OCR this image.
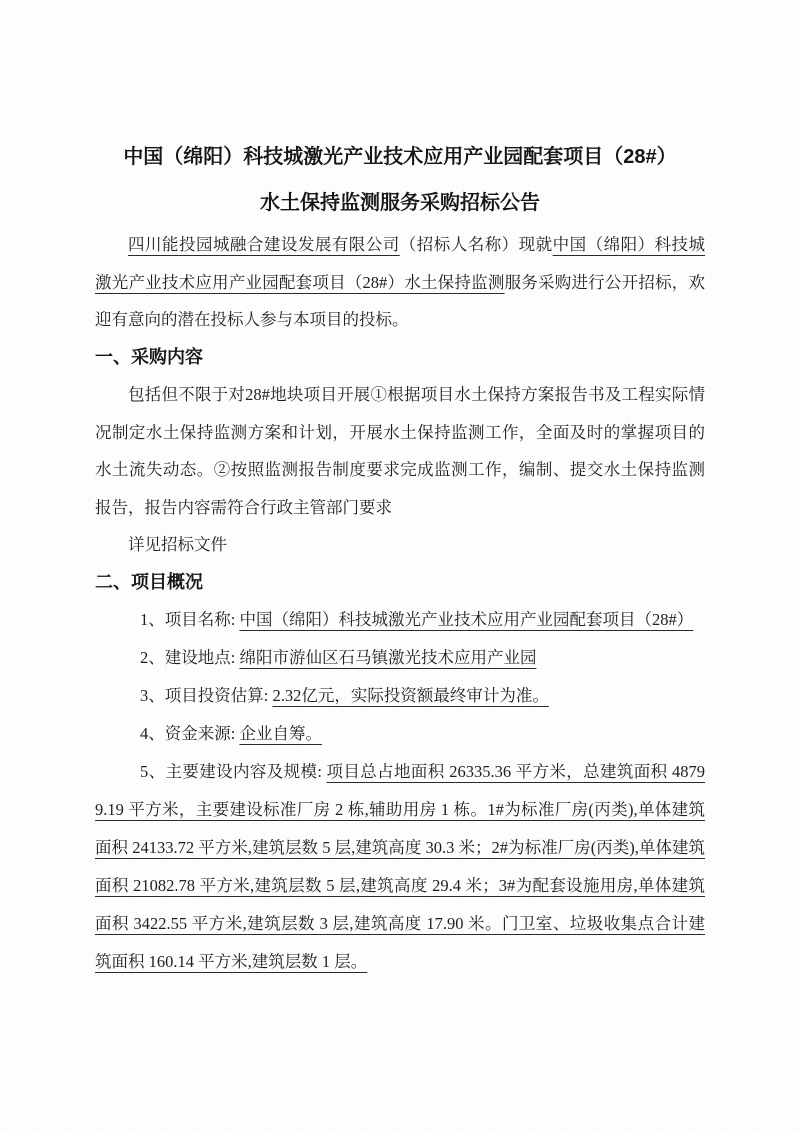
中国（绵阳）科技城激光产业技术应用产业园配套项目（28#）
水土保持监测服务采购招标公告

四川能投园城融合建设发展有限公司（招标人名称）现就中国（绵阳）科技城激光产业技术应用产业园配套项目（28#）水土保持监测服务采购进行公开招标，欢迎有意向的潜在投标人参与本项目的投标。

一、采购内容

包括但不限于对28#地块项目开展①根据项目水土保持方案报告书及工程实际情况制定水土保持监测方案和计划，开展水土保持监测工作，全面及时的掌握项目的水土流失动态。②按照监测报告制度要求完成监测工作，编制、提交水土保持监测报告，报告内容需符合行政主管部门要求

详见招标文件

二、项目概况

1、项目名称: 中国（绵阳）科技城激光产业技术应用产业园配套项目（28#）

2、建设地点: 绵阳市游仙区石马镇激光技术应用产业园

3、项目投资估算: 2.32亿元，实际投资额最终审计为准。

4、资金来源: 企业自筹。

5、主要建设内容及规模: 项目总占地面积 26335.36 平方米，总建筑面积 48799.19 平方米，主要建设标准厂房 2 栋,辅助用房 1 栋。1#为标准厂房(丙类),单体建筑面积 24133.72 平方米,建筑层数 5 层,建筑高度 30.3 米；2#为标准厂房(丙类),单体建筑面积 21082.78 平方米,建筑层数 5 层,建筑高度 29.4 米；3#为配套设施用房,单体建筑面积 3422.55 平方米,建筑层数 3 层,建筑高度 17.90 米。门卫室、垃圾收集点合计建筑面积 160.14 平方米,建筑层数 1 层。
